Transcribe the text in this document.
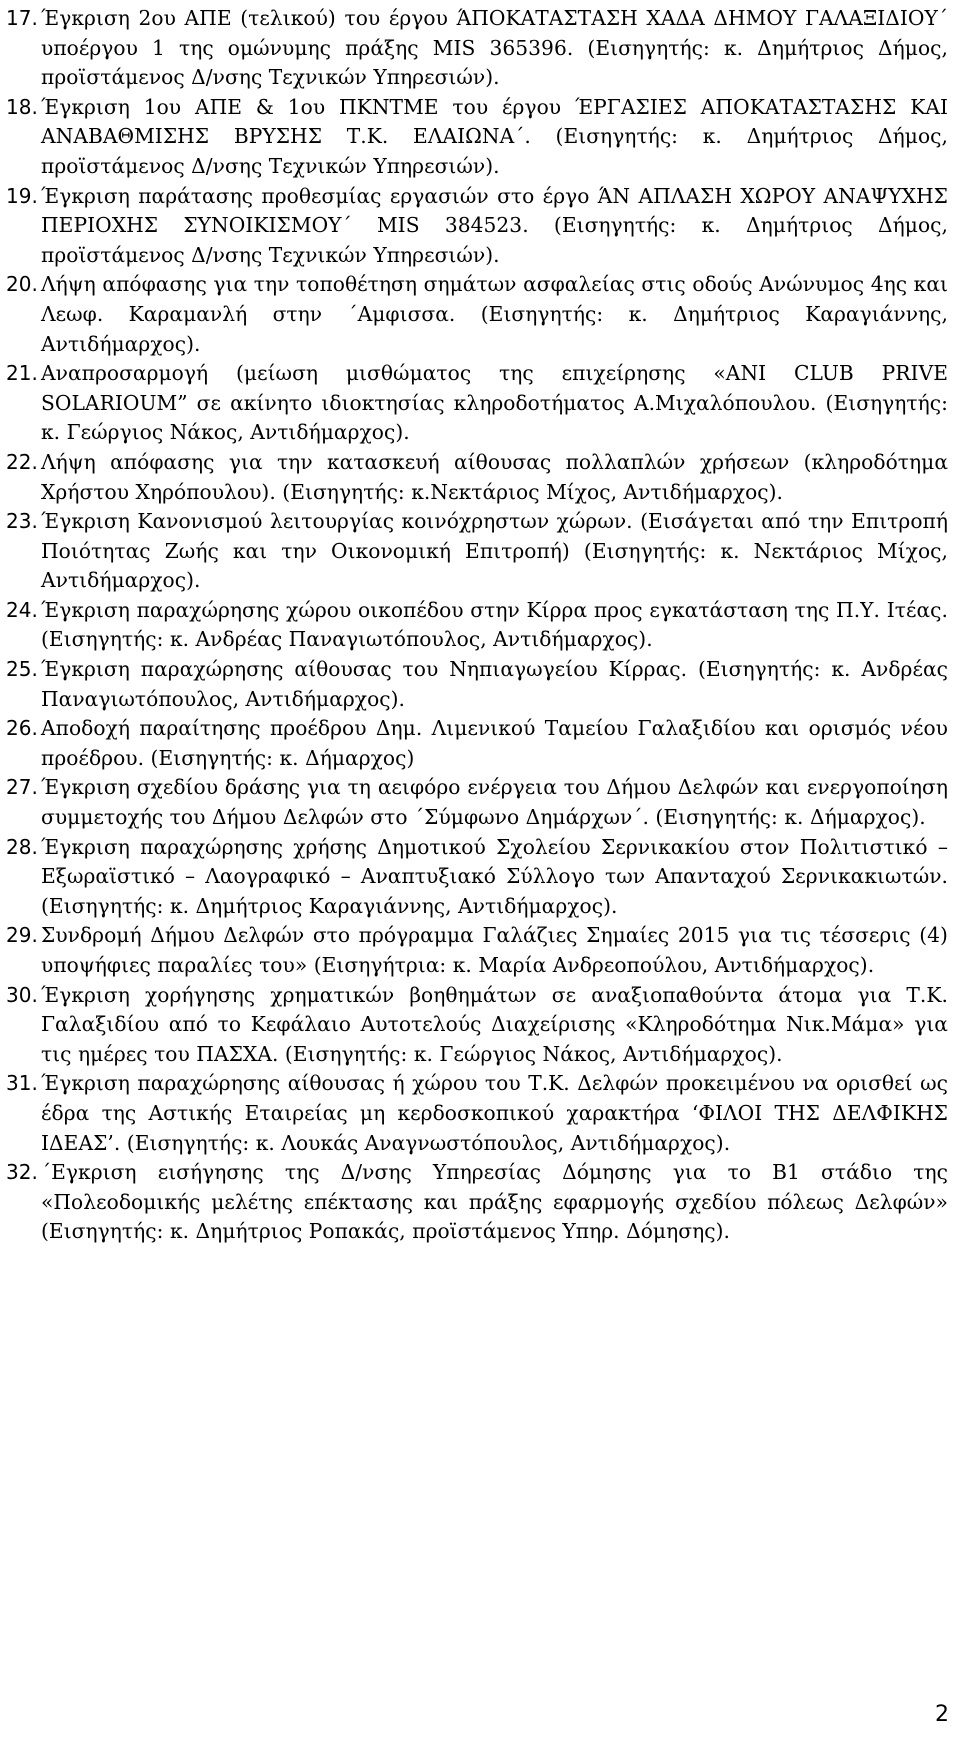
17. Έγκριση 2ου ΑΠΕ (τελικού) του έργου ΆΠΟΚΑΤΑΣΤΑΣΗ ΧΑΔΑ ΔΗΜΟΥ ΓΑΛΑΞΙΔΙΟΥ΄ υποέργου 1 της ομώνυμης πράξης MIS 365396. (Εισηγητής: κ. Δημήτριος Δήμος, προϊστάμενος Δ/νσης Τεχνικών Υπηρεσιών).
18. Έγκριση 1ου ΑΠΕ & 1ου ΠΚΝΤΜΕ του έργου ΈΡΓΑΣΙΕΣ ΑΠΟΚΑΤΑΣΤΑΣΗΣ ΚΑΙ ΑΝΑΒΑΘΜΙΣΗΣ ΒΡΥΣΗΣ Τ.Κ. ΕΛΑΙΩΝΑ΄. (Εισηγητής: κ. Δημήτριος Δήμος, προϊστάμενος Δ/νσης Τεχνικών Υπηρεσιών).
19. Έγκριση παράτασης προθεσμίας εργασιών στο έργο ΆΝ ΑΠΛΑΣΗ ΧΩΡΟΥ ΑΝΑΨΥΧΗΣ ΠΕΡΙΟΧΗΣ ΣΥΝΟΙΚΙΣΜΟΥ΄ MIS 384523. (Εισηγητής: κ. Δημήτριος Δήμος, προϊστάμενος Δ/νσης Τεχνικών Υπηρεσιών).
20. Λήψη απόφασης για την τοποθέτηση σημάτων ασφαλείας στις οδούς Ανώνυμος 4ης και Λεωφ. Καραμανλή στην ΄Αμφισσα. (Εισηγητής: κ. Δημήτριος Καραγιάννης, Αντιδήμαρχος).
21. Αναπροσαρμογή (μείωση μισθώματος της επιχείρησης «ANI CLUB PRIVE SOLARIOUM” σε ακίνητο ιδιοκτησίας κληροδοτήματος Α.Μιχαλόπουλου. (Εισηγητής: κ. Γεώργιος Νάκος, Αντιδήμαρχος).
22. Λήψη απόφασης για την κατασκευή αίθουσας πολλαπλών χρήσεων (κληροδότημα Χρήστου Χηρόπουλου). (Εισηγητής: κ.Νεκτάριος Μίχος, Αντιδήμαρχος).
23. Έγκριση Κανονισμού λειτουργίας κοινόχρηστων χώρων. (Εισάγεται από την Επιτροπή Ποιότητας Ζωής και την Οικονομική Επιτροπή) (Εισηγητής: κ. Νεκτάριος Μίχος, Αντιδήμαρχος).
24. Έγκριση παραχώρησης χώρου οικοπέδου στην Κίρρα προς εγκατάσταση της Π.Υ. Ιτέας. (Εισηγητής: κ. Ανδρέας Παναγιωτόπουλος, Αντιδήμαρχος).
25. Έγκριση παραχώρησης αίθουσας του Νηπιαγωγείου Κίρρας. (Εισηγητής: κ. Ανδρέας Παναγιωτόπουλος, Αντιδήμαρχος).
26. Αποδοχή παραίτησης προέδρου Δημ. Λιμενικού Ταμείου Γαλαξιδίου και ορισμός νέου προέδρου. (Εισηγητής: κ. Δήμαρχος)
27. Έγκριση σχεδίου δράσης για τη αειφόρο ενέργεια του Δήμου Δελφών και ενεργοποίηση συμμετοχής του Δήμου Δελφών στο ΄Σύμφωνο Δημάρχων΄. (Εισηγητής: κ. Δήμαρχος).
28. Έγκριση παραχώρησης χρήσης Δημοτικού Σχολείου Σερνικακίου στον Πολιτιστικό – Εξωραϊστικό – Λαογραφικό – Αναπτυξιακό Σύλλογο των Απανταχού Σερνικακιωτών. (Εισηγητής: κ. Δημήτριος Καραγιάννης, Αντιδήμαρχος).
29. Συνδρομή Δήμου Δελφών στο πρόγραμμα Γαλάζιες Σημαίες 2015 για τις τέσσερις (4) υποψήφιες παραλίες του» (Εισηγήτρια: κ. Μαρία Ανδρεοπούλου, Αντιδήμαρχος).
30. Έγκριση χορήγησης χρηματικών βοηθημάτων σε αναξιοπαθούντα άτομα για Τ.Κ. Γαλαξιδίου από το Κεφάλαιο Αυτοτελούς Διαχείρισης «Κληροδότημα Νικ.Μάμα» για τις ημέρες του ΠΑΣΧΑ. (Εισηγητής: κ. Γεώργιος Νάκος, Αντιδήμαρχος).
31. Έγκριση παραχώρησης αίθουσας ή χώρου του Τ.Κ. Δελφών προκειμένου να ορισθεί ως έδρα της Αστικής Εταιρείας μη κερδοσκοπικού χαρακτήρα ‘ΦΙΛΟΙ ΤΗΣ ΔΕΛΦΙΚΗΣ ΙΔΕΑΣ’. (Εισηγητής: κ. Λουκάς Αναγνωστόπουλος, Αντιδήμαρχος).
32. ΄Εγκριση εισήγησης της Δ/νσης Υπηρεσίας Δόμησης για το Β1 στάδιο της «Πολεοδομικής μελέτης επέκτασης και πράξης εφαρμογής σχεδίου πόλεως Δελφών» (Εισηγητής: κ. Δημήτριος Ροπακάς, προϊστάμενος Υπηρ. Δόμησης).
2
